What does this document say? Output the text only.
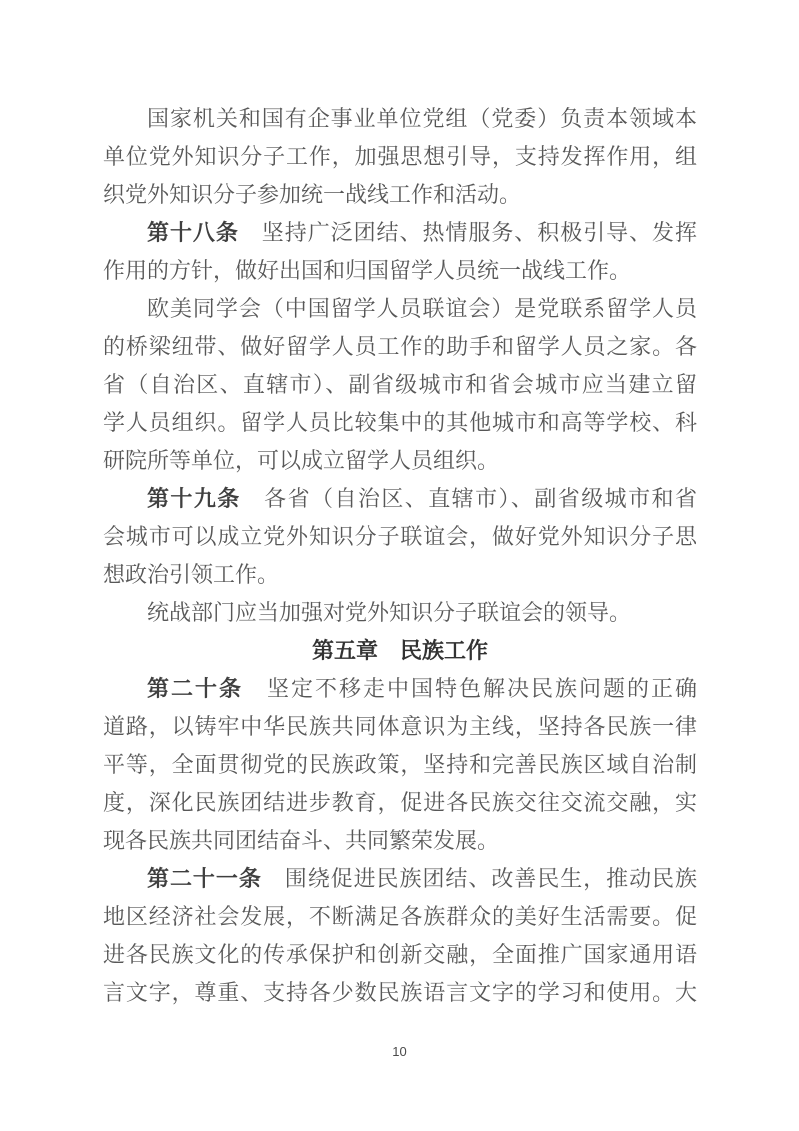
国家机关和国有企事业单位党组（党委）负责本领域本
单位党外知识分子工作，加强思想引导，支持发挥作用，组
织党外知识分子参加统一战线工作和活动。
第十八条　坚持广泛团结、热情服务、积极引导、发挥
作用的方针，做好出国和归国留学人员统一战线工作。
欧美同学会（中国留学人员联谊会）是党联系留学人员
的桥梁纽带、做好留学人员工作的助手和留学人员之家。各
省（自治区、直辖市）、副省级城市和省会城市应当建立留
学人员组织。留学人员比较集中的其他城市和高等学校、科
研院所等单位，可以成立留学人员组织。
第十九条　各省（自治区、直辖市）、副省级城市和省
会城市可以成立党外知识分子联谊会，做好党外知识分子思
想政治引领工作。
统战部门应当加强对党外知识分子联谊会的领导。
第五章　民族工作
第二十条　坚定不移走中国特色解决民族问题的正确
道路，以铸牢中华民族共同体意识为主线，坚持各民族一律
平等，全面贯彻党的民族政策，坚持和完善民族区域自治制
度，深化民族团结进步教育，促进各民族交往交流交融，实
现各民族共同团结奋斗、共同繁荣发展。
第二十一条　围绕促进民族团结、改善民生，推动民族
地区经济社会发展，不断满足各族群众的美好生活需要。促
进各民族文化的传承保护和创新交融，全面推广国家通用语
言文字，尊重、支持各少数民族语言文字的学习和使用。大
10
